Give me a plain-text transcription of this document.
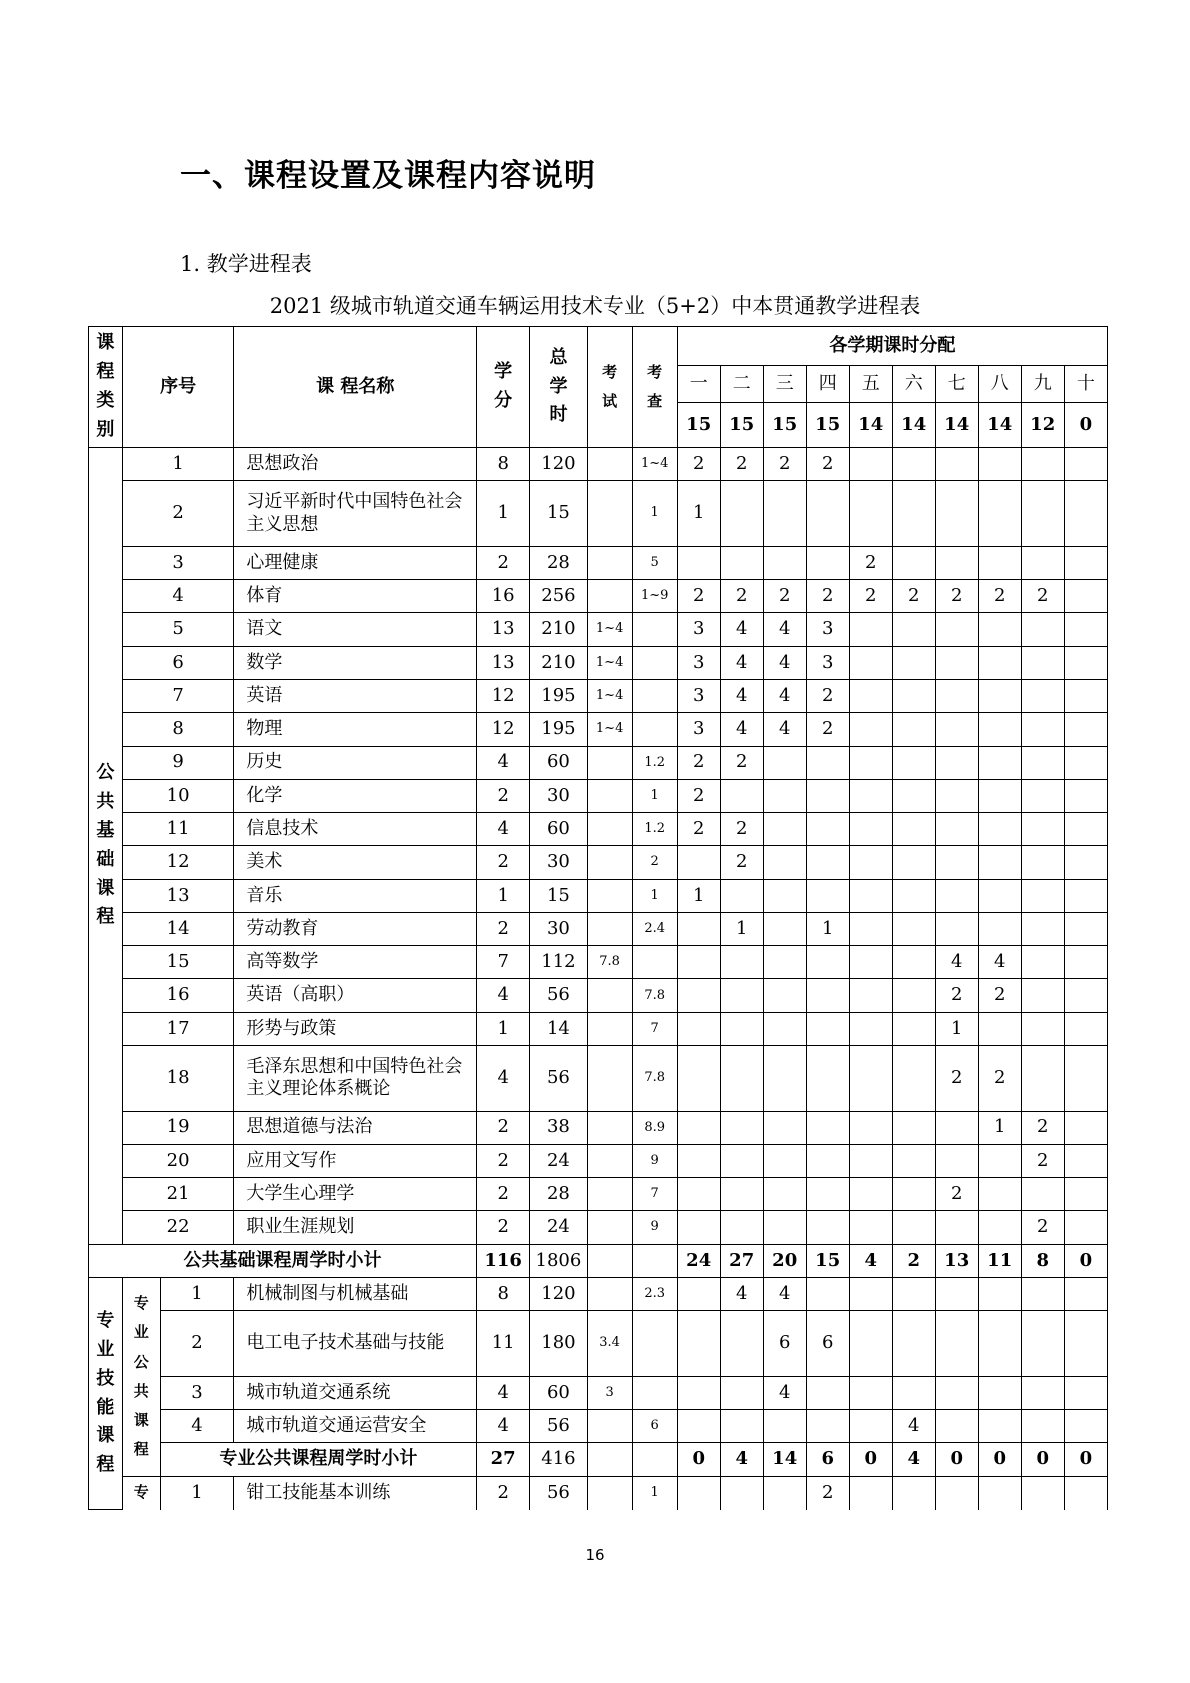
一、课程设置及课程内容说明
1. 教学进程表
2021 级城市轨道交通车辆运用技术专业（5+2）中本贯通教学进程表
课程类别	序号		课 程名称	学分	总学时	考试	考查	各学期课时分配									
								一	二	三	四	五	六	七	八	九	十
								15	15	15	15	14	14	14	14	12	0
公共基础课程	1		思想政治	8	120		1~4	2	2	2	2						
	2		习近平新时代中国特色社会主义思想	1	15		1	1									
	3		心理健康	2	28		5					2					
	4		体育	16	256		1~9	2	2	2	2	2	2	2	2	2	
	5		语文	13	210	1~4		3	4	4	3						
	6		数学	13	210	1~4		3	4	4	3						
	7		英语	12	195	1~4		3	4	4	2						
	8		物理	12	195	1~4		3	4	4	2						
	9		历史	4	60		1.2	2	2								
	10		化学	2	30		1	2									
	11		信息技术	4	60		1.2	2	2								
	12		美术	2	30		2		2								
	13		音乐	1	15		1	1									
	14		劳动教育	2	30		2.4		1		1						
	15		高等数学	7	112	7.8								4	4		
	16		英语（高职）	4	56		7.8							2	2		
	17		形势与政策	1	14		7							1			
	18		毛泽东思想和中国特色社会主义理论体系概论	4	56		7.8							2	2		
	19		思想道德与法治	2	38		8.9								1	2	
	20		应用文写作	2	24		9									2	
	21		大学生心理学	2	28		7							2			
	22		职业生涯规划	2	24		9									2	
公共基础课程周学时小计				116	1806			24	27	20	15	4	2	13	11	8	0
专业技能课程	专业公共课程	1	机械制图与机械基础	8	120		2.3		4	4							
		2	电工电子技术基础与技能	11	180	3.4				6	6						
		3	城市轨道交通系统	4	60	3				4							
		4	城市轨道交通运营安全	4	56		6						4				
		专业公共课程周学时小计		27	416			0	4	14	6	0	4	0	0	0	0
	专	1	钳工技能基本训练	2	56		1				2						
16
